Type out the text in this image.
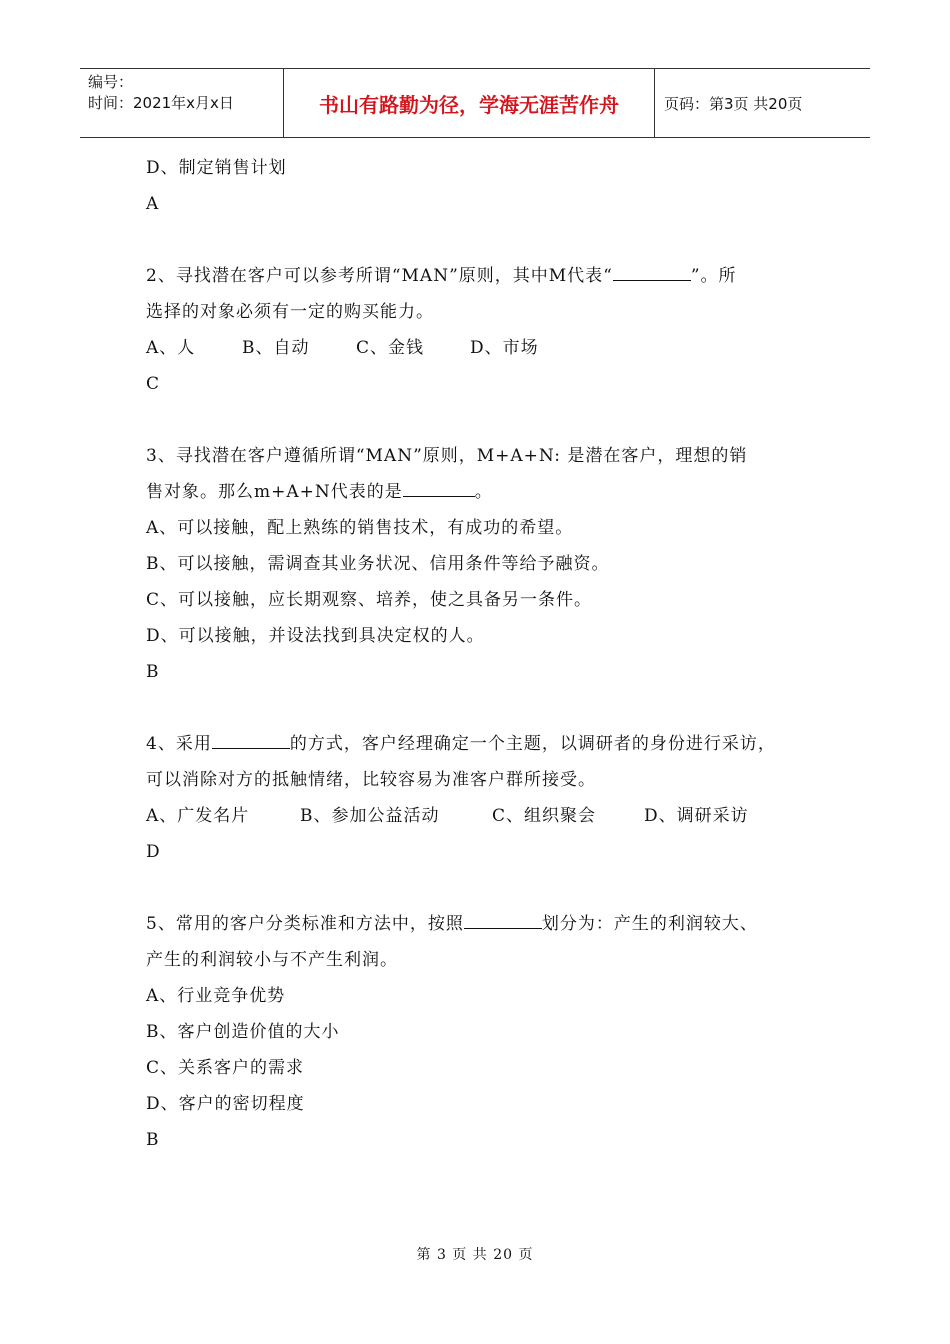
编号：
时间：2021年x月x日	书山有路勤为径，学海无涯苦作舟	页码：第3页 共20页
D、制定销售计划
A
2、寻找潜在客户可以参考所谓“MAN”原则，其中M代表“	”。所
选择的对象必须有一定的购买能力。
A、人	B、自动	C、金钱	D、市场
C
3、寻找潜在客户遵循所谓“MAN”原则，M+A+N: 是潜在客户，理想的销
售对象。那么m+A+N代表的是	。
A、可以接触，配上熟练的销售技术，有成功的希望。
B、可以接触，需调查其业务状况、信用条件等给予融资。
C、可以接触，应长期观察、培养，使之具备另一条件。
D、可以接触，并设法找到具决定权的人。
B
4、采用	的方式，客户经理确定一个主题，以调研者的身份进行采访，
可以消除对方的抵触情绪，比较容易为准客户群所接受。
A、广发名片	B、参加公益活动	C、组织聚会	D、调研采访
D
5、常用的客户分类标准和方法中，按照	划分为：产生的利润较大、
产生的利润较小与不产生利润。
A、行业竞争优势
B、客户创造价值的大小
C、关系客户的需求
D、客户的密切程度
B
第 3 页 共 20 页
